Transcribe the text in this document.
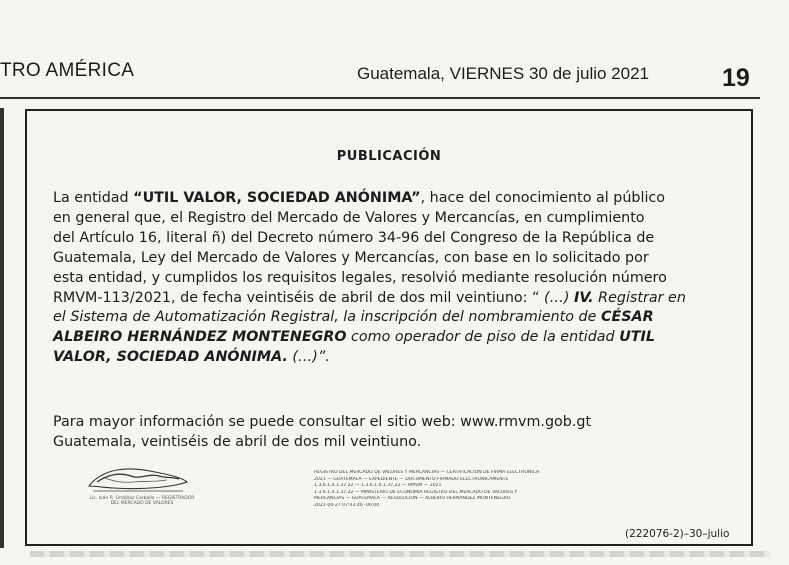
TRO AMÉRICA	Guatemala, VIERNES 30 de julio 2021	19
PUBLICACIÓN
La entidad “UTIL VALOR, SOCIEDAD ANÓNIMA”, hace del conocimiento al público
en general que, el Registro del Mercado de Valores y Mercancías, en cumplimiento
del Artículo 16, literal ñ) del Decreto número 34-96 del Congreso de la República de
Guatemala, Ley del Mercado de Valores y Mercancías, con base en lo solicitado por
esta entidad, y cumplidos los requisitos legales, resolvió mediante resolución número
RMVM-113/2021, de fecha veintiséis de abril de dos mil veintiuno: “ (…) IV. Registrar en
el Sistema de Automatización Registral, la inscripción del nombramiento de CÉSAR
ALBEIRO HERNÁNDEZ MONTENEGRO como operador de piso de la entidad UTIL
VALOR, SOCIEDAD ANÓNIMA. (…)”.
Para mayor información se puede consultar el sitio web: www.rmvm.gob.gt
Guatemala, veintiséis de abril de dos mil veintiuno.
Lic. Iván R. Ordóñez Carballo — REGISTRADOR DEL MERCADO DE VALORES
REGISTRO DEL MERCADO DE VALORES Y MERCANCÍAS — CERTIFICACIÓN DE FIRMA ELECTRÓNICA
2021 — GUATEMALA — EXPEDIENTE — DOCUMENTO FIRMADO ELECTRÓNICAMENTE
1.3.6.1.4.1.37.22 — 1.3.6.1.4.1.37.22 — RMVM — 2021
1.3.6.1.4.1.37.22 — MINISTERIO DE ECONOMÍA REGISTRO DEL MERCADO DE VALORES Y
MERCANCÍAS — GUATEMALA — RESOLUCIÓN — ALBEIRO HERNÁNDEZ MONTENEGRO
2021-04-27 07:43:46 -06:00
(222076-2)–30–julio
